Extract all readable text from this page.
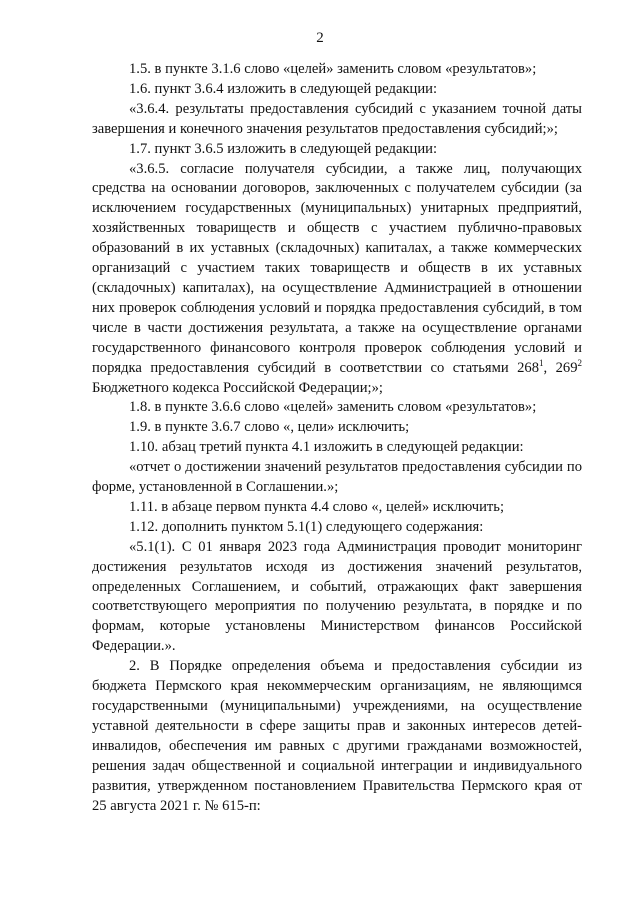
2

1.5. в пункте 3.1.6 слово «целей» заменить словом «результатов»;

1.6. пункт 3.6.4 изложить в следующей редакции:

«3.6.4. результаты предоставления субсидий с указанием точной даты завершения и конечного значения результатов предоставления субсидий;»;

1.7. пункт 3.6.5 изложить в следующей редакции:

«3.6.5. согласие получателя субсидии, а также лиц, получающих средства на основании договоров, заключенных с получателем субсидии (за исключением государственных (муниципальных) унитарных предприятий, хозяйственных товариществ и обществ с участием публично-правовых образований в их уставных (складочных) капиталах, а также коммерческих организаций с участием таких товариществ и обществ в их уставных (складочных) капиталах), на осуществление Администрацией в отношении них проверок соблюдения условий и порядка предоставления субсидий, в том числе в части достижения результата, а также на осуществление органами государственного финансового контроля проверок соблюдения условий и порядка предоставления субсидий в соответствии со статьями $268^1$, $269^2$ Бюджетного кодекса Российской Федерации;»;

1.8. в пункте 3.6.6 слово «целей» заменить словом «результатов»;

1.9. в пункте 3.6.7 слово «, цели» исключить;

1.10. абзац третий пункта 4.1 изложить в следующей редакции:

«отчет о достижении значений результатов предоставления субсидии по форме, установленной в Соглашении.»;

1.11. в абзаце первом пункта 4.4 слово «, целей» исключить;

1.12. дополнить пунктом 5.1(1) следующего содержания:

«5.1(1). С 01 января 2023 года Администрация проводит мониторинг достижения результатов исходя из достижения значений результатов, определенных Соглашением, и событий, отражающих факт завершения соответствующего мероприятия по получению результата, в порядке и по формам, которые установлены Министерством финансов Российской Федерации.».

2. В Порядке определения объема и предоставления субсидии из бюджета Пермского края некоммерческим организациям, не являющимся государственными (муниципальными) учреждениями, на осуществление уставной деятельности в сфере защиты прав и законных интересов детей-инвалидов, обеспечения им равных с другими гражданами возможностей, решения задач общественной и социальной интеграции и индивидуального развития, утвержденном постановлением Правительства Пермского края от 25 августа 2021 г. № 615-п:
